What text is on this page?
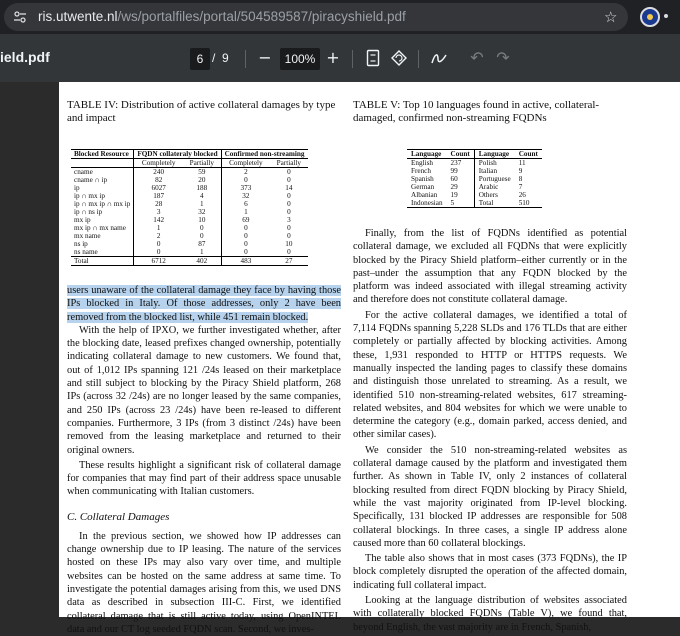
ris.utwente.nl/ws/portalfiles/portal/504589587/piracyshield.pdf	☆
ield.pdf	6 / 9 −	100% +	↶ ↷
TABLE IV: Distribution of active collateral damages by type and impact
Blocked Resource	FQDN collateraly blocked		Confirmed non-streaming	
	Completely	Partially	Completely	Partially
cname	240	59	2	0
cname ∩ ip	82	20	0	0
ip	6027	188	373	14
ip ∩ mx ip	187	4	32	0
ip ∩ mx ip ∩ mx ip	28	1	6	0
ip ∩ ns ip	3	32	1	0
mx ip	142	10	69	3
mx ip ∩ mx name	1	0	0	0
mx name	2	0	0	0
ns ip	0	87	0	10
ns name	0	1	0	0
Total	6712	402	483	27

users unaware of the collateral damage they face by having those IPs blocked in Italy. Of those addresses, only 2 have been removed from the blocked list, while 451 remain blocked.

With the help of IPXO, we further investigated whether, after the blocking date, leased prefixes changed ownership, potentially indicating collateral damage to new customers. We found that, out of 1,012 IPs spanning 121 /24s leased on their marketplace and still subject to blocking by the Piracy Shield platform, 268 IPs (across 32 /24s) are no longer leased by the same companies, and 250 IPs (across 23 /24s) have been re-leased to different companies. Furthermore, 3 IPs (from 3 distinct /24s) have been removed from the leasing marketplace and returned to their original owners.

These results highlight a significant risk of collateral damage for companies that may find part of their address space unusable when communicating with Italian customers.

C. Collateral Damages

In the previous section, we showed how IP addresses can change ownership due to IP leasing. The nature of the services hosted on these IPs may also vary over time, and multiple websites can be hosted on the same address at same time. To investigate the potential damages arising from this, we used DNS data as described in subsection III-C. First, we identified collateral damage that is still active today, using OpenINTEL data and our CT log seeded FQDN scan. Second, we inves-

TABLE V: Top 10 languages found in active, collateral-damaged, confirmed non-streaming FQDNs
Language	Count	Language	Count
English	237	Polish	11
French	99	Italian	9
Spanish	60	Portuguese	8
German	29	Arabic	7
Albanian	19	Others	26
Indonesian	5	Total	510

Finally, from the list of FQDNs identified as potential collateral damage, we excluded all FQDNs that were explicitly blocked by the Piracy Shield platform–either currently or in the past–under the assumption that any FQDN blocked by the platform was indeed associated with illegal streaming activity and therefore does not constitute collateral damage.

For the active collateral damages, we identified a total of 7,114 FQDNs spanning 5,228 SLDs and 176 TLDs that are either completely or partially affected by blocking activities. Among these, 1,931 responded to HTTP or HTTPS requests. We manually inspected the landing pages to classify these domains and distinguish those unrelated to streaming. As a result, we identified 510 non-streaming-related websites, 617 streaming-related websites, and 804 websites for which we were unable to determine the category (e.g., domain parked, access denied, and other similar cases).

We consider the 510 non-streaming-related websites as collateral damage caused by the platform and investigated them further. As shown in Table IV, only 2 instances of collateral blocking resulted from direct FQDN blocking by Piracy Shield, while the vast majority originated from IP-level blocking. Specifically, 131 blocked IP addresses are responsible for 508 collateral blockings. In three cases, a single IP address alone caused more than 60 collateral blockings.

The table also shows that in most cases (373 FQDNs), the IP block completely disrupted the operation of the affected domain, indicating full collateral impact.

Looking at the language distribution of websites associated with collaterally blocked FQDNs (Table V), we found that, beyond English, the vast majority are in French, Spanish,
